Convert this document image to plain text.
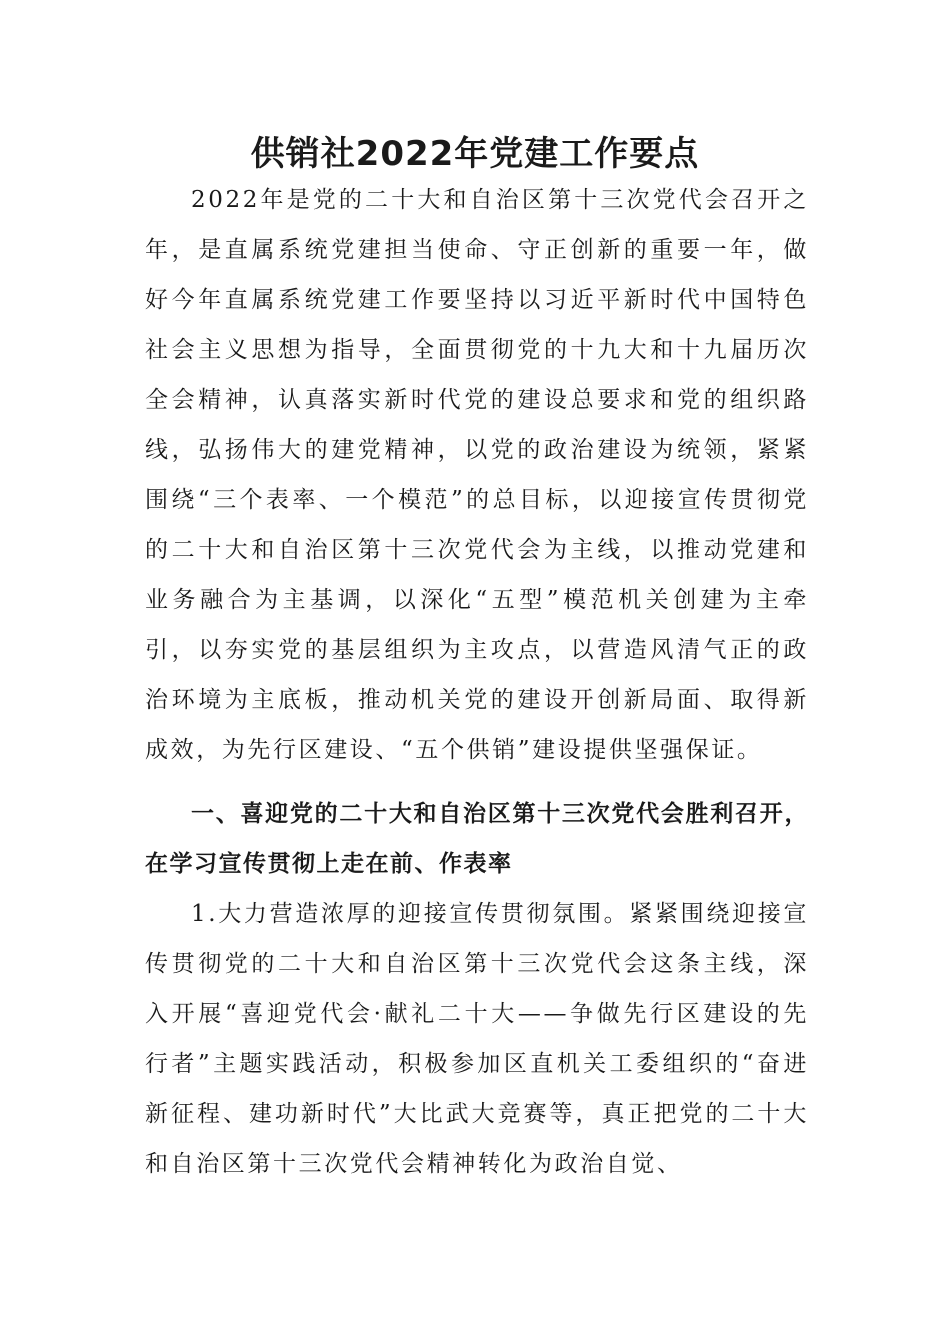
供销社2022年党建工作要点

2022年是党的二十大和自治区第十三次党代会召开之年，是直属系统党建担当使命、守正创新的重要一年，做好今年直属系统党建工作要坚持以习近平新时代中国特色社会主义思想为指导，全面贯彻党的十九大和十九届历次全会精神，认真落实新时代党的建设总要求和党的组织路线，弘扬伟大的建党精神，以党的政治建设为统领，紧紧围绕“三个表率、一个模范”的总目标，以迎接宣传贯彻党的二十大和自治区第十三次党代会为主线，以推动党建和业务融合为主基调，以深化“五型”模范机关创建为主牵引，以夯实党的基层组织为主攻点，以营造风清气正的政治环境为主底板，推动机关党的建设开创新局面、取得新成效，为先行区建设、“五个供销”建设提供坚强保证。

一、喜迎党的二十大和自治区第十三次党代会胜利召开，在学习宣传贯彻上走在前、作表率

1.大力营造浓厚的迎接宣传贯彻氛围。紧紧围绕迎接宣传贯彻党的二十大和自治区第十三次党代会这条主线，深入开展“喜迎党代会·献礼二十大——争做先行区建设的先行者”主题实践活动，积极参加区直机关工委组织的“奋进新征程、建功新时代”大比武大竞赛等，真正把党的二十大和自治区第十三次党代会精神转化为政治自觉、
